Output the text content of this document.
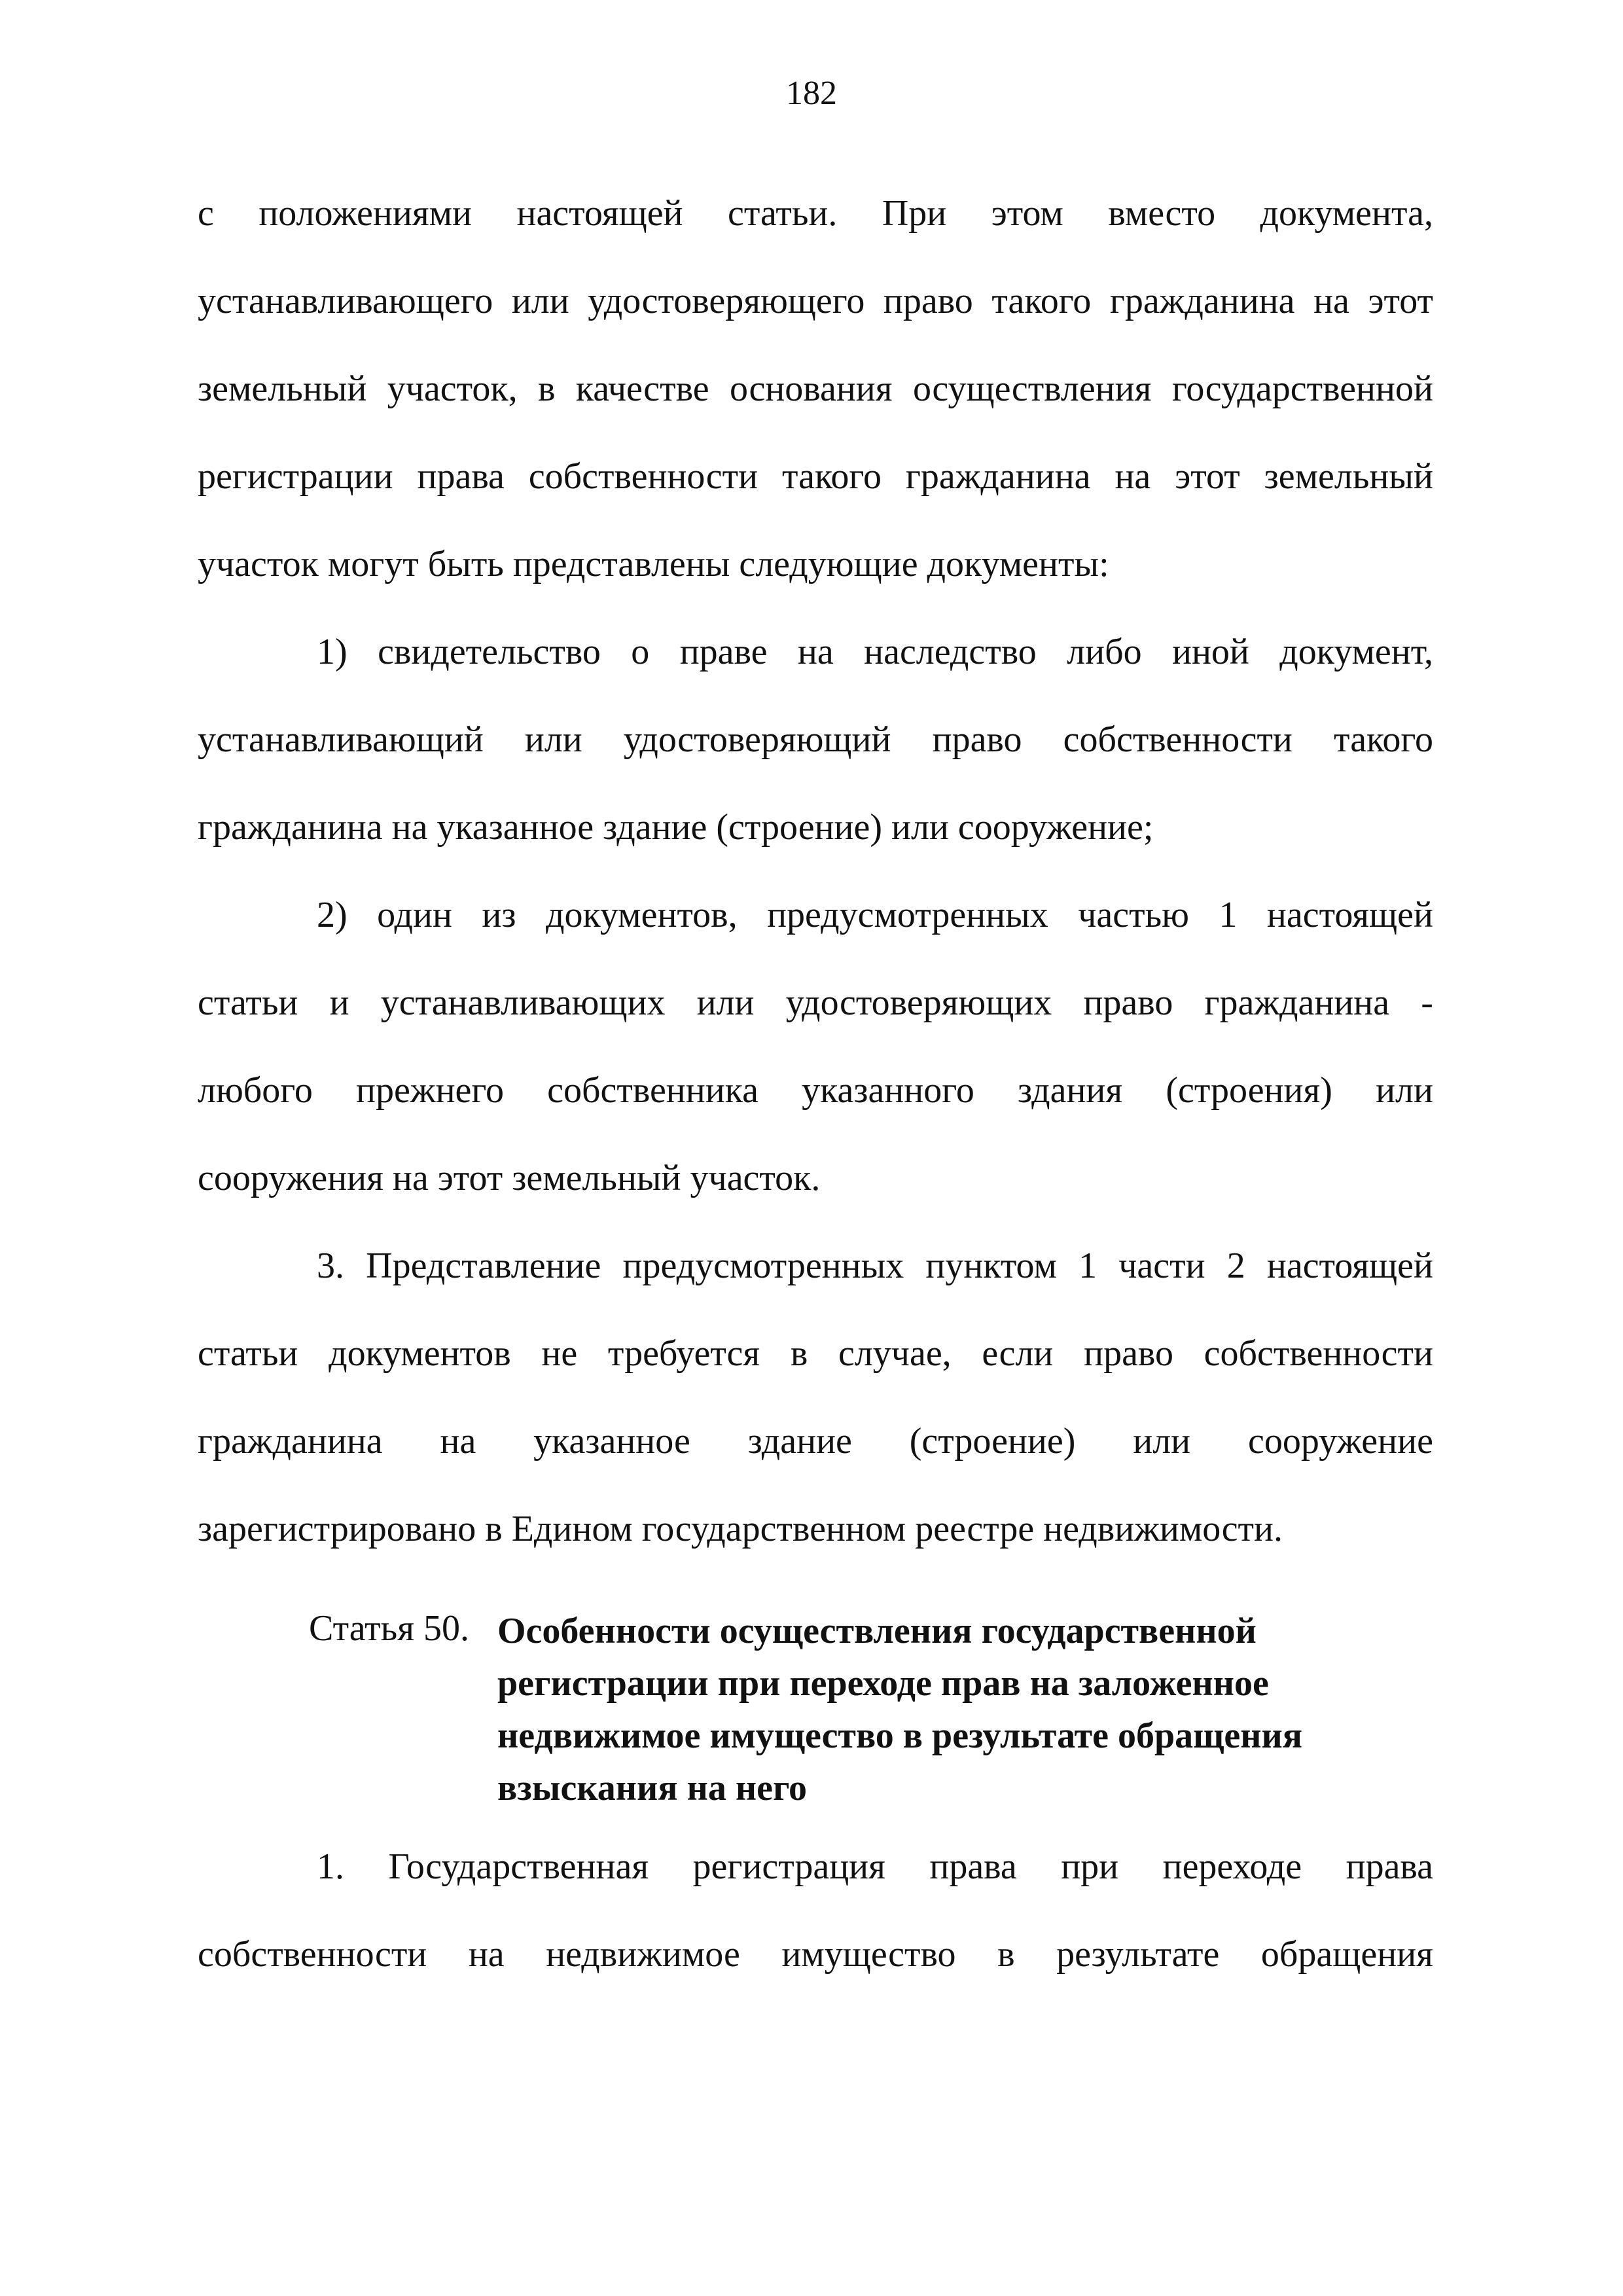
182
с положениями настоящей статьи. При этом вместо документа,
устанавливающего или удостоверяющего право такого гражданина на этот
земельный участок, в качестве основания осуществления государственной
регистрации права собственности такого гражданина на этот земельный
участок могут быть представлены следующие документы:
1) свидетельство о праве на наследство либо иной документ,
устанавливающий или удостоверяющий право собственности такого
гражданина на указанное здание (строение) или сооружение;
2) один из документов, предусмотренных частью 1 настоящей
статьи и устанавливающих или удостоверяющих право гражданина -
любого прежнего собственника указанного здания (строения) или
сооружения на этот земельный участок.
3. Представление предусмотренных пунктом 1 части 2 настоящей
статьи документов не требуется в случае, если право собственности
гражданина на указанное здание (строение) или сооружение
зарегистрировано в Едином государственном реестре недвижимости.
Статья 50. Особенности осуществления государственной
регистрации при переходе прав на заложенное
недвижимое имущество в результате обращения
взыскания на него
1. Государственная регистрация права при переходе права
собственности на недвижимое имущество в результате обращения
